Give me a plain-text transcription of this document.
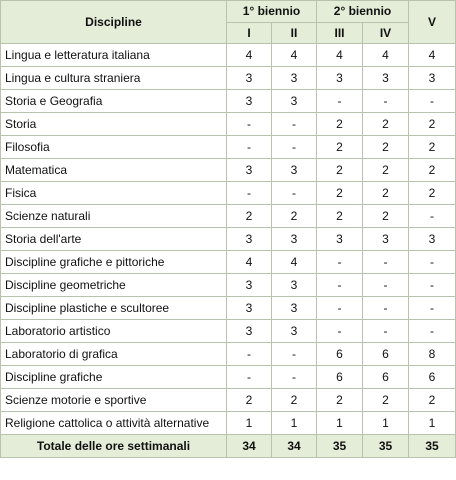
Discipline	1° biennio		2° biennio		V
	I	II	III	IV	
Lingua e letteratura italiana	4	4	4	4	4
Lingua e cultura straniera	3	3	3	3	3
Storia e Geografia	3	3	-	-	-
Storia	-	-	2	2	2
Filosofia	-	-	2	2	2
Matematica	3	3	2	2	2
Fisica	-	-	2	2	2
Scienze naturali	2	2	2	2	-
Storia dell'arte	3	3	3	3	3
Discipline grafiche e pittoriche	4	4	-	-	-
Discipline geometriche	3	3	-	-	-
Discipline plastiche e scultoree	3	3	-	-	-
Laboratorio artistico	3	3	-	-	-
Laboratorio di grafica	-	-	6	6	8
Discipline grafiche	-	-	6	6	6
Scienze motorie e sportive	2	2	2	2	2
Religione cattolica o attività alternative	1	1	1	1	1
Totale delle ore settimanali	34	34	35	35	35
